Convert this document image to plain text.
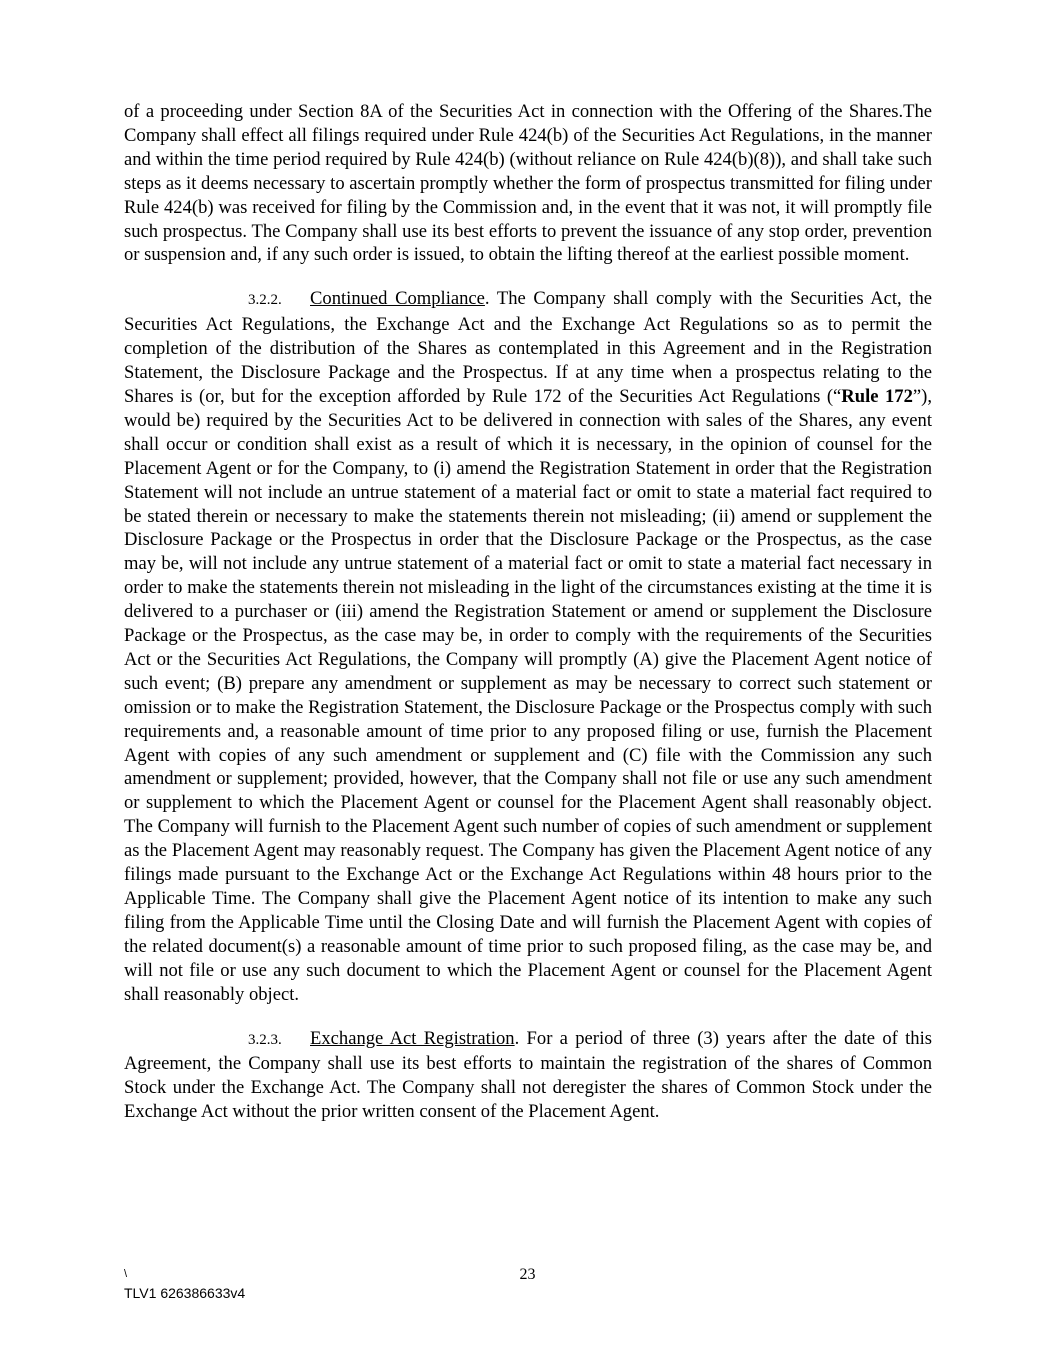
of a proceeding under Section 8A of the Securities Act in connection with the Offering of the Shares.The Company shall effect all filings required under Rule 424(b) of the Securities Act Regulations, in the manner and within the time period required by Rule 424(b) (without reliance on Rule 424(b)(8)), and shall take such steps as it deems necessary to ascertain promptly whether the form of prospectus transmitted for filing under Rule 424(b) was received for filing by the Commission and, in the event that it was not, it will promptly file such prospectus. The Company shall use its best efforts to prevent the issuance of any stop order, prevention or suspension and, if any such order is issued, to obtain the lifting thereof at the earliest possible moment.

3.2.2. Continued Compliance. The Company shall comply with the Securities Act, the Securities Act Regulations, the Exchange Act and the Exchange Act Regulations so as to permit the completion of the distribution of the Shares as contemplated in this Agreement and in the Registration Statement, the Disclosure Package and the Prospectus. If at any time when a prospectus relating to the Shares is (or, but for the exception afforded by Rule 172 of the Securities Act Regulations (“Rule 172”), would be) required by the Securities Act to be delivered in connection with sales of the Shares, any event shall occur or condition shall exist as a result of which it is necessary, in the opinion of counsel for the Placement Agent or for the Company, to (i) amend the Registration Statement in order that the Registration Statement will not include an untrue statement of a material fact or omit to state a material fact required to be stated therein or necessary to make the statements therein not misleading; (ii) amend or supplement the Disclosure Package or the Prospectus in order that the Disclosure Package or the Prospectus, as the case may be, will not include any untrue statement of a material fact or omit to state a material fact necessary in order to make the statements therein not misleading in the light of the circumstances existing at the time it is delivered to a purchaser or (iii) amend the Registration Statement or amend or supplement the Disclosure Package or the Prospectus, as the case may be, in order to comply with the requirements of the Securities Act or the Securities Act Regulations, the Company will promptly (A) give the Placement Agent notice of such event; (B) prepare any amendment or supplement as may be necessary to correct such statement or omission or to make the Registration Statement, the Disclosure Package or the Prospectus comply with such requirements and, a reasonable amount of time prior to any proposed filing or use, furnish the Placement Agent with copies of any such amendment or supplement and (C) file with the Commission any such amendment or supplement; provided, however, that the Company shall not file or use any such amendment or supplement to which the Placement Agent or counsel for the Placement Agent shall reasonably object. The Company will furnish to the Placement Agent such number of copies of such amendment or supplement as the Placement Agent may reasonably request. The Company has given the Placement Agent notice of any filings made pursuant to the Exchange Act or the Exchange Act Regulations within 48 hours prior to the Applicable Time. The Company shall give the Placement Agent notice of its intention to make any such filing from the Applicable Time until the Closing Date and will furnish the Placement Agent with copies of the related document(s) a reasonable amount of time prior to such proposed filing, as the case may be, and will not file or use any such document to which the Placement Agent or counsel for the Placement Agent shall reasonably object.

3.2.3. Exchange Act Registration. For a period of three (3) years after the date of this Agreement, the Company shall use its best efforts to maintain the registration of the shares of Common Stock under the Exchange Act. The Company shall not deregister the shares of Common Stock under the Exchange Act without the prior written consent of the Placement Agent.

\	23
TLV1 626386633v4
